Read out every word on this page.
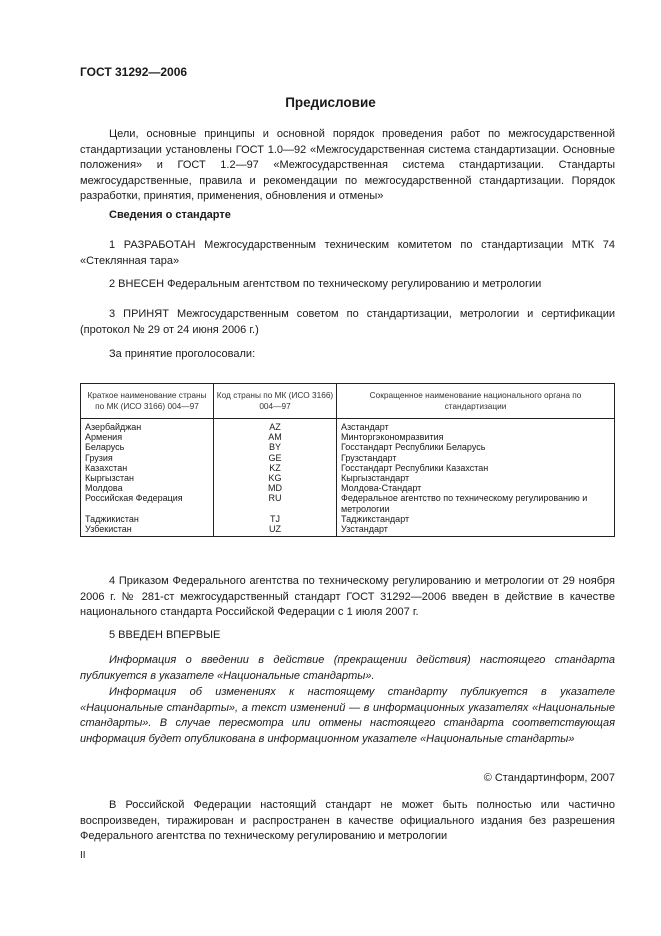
ГОСТ 31292—2006
Предисловие

Цели, основные принципы и основной порядок проведения работ по межгосударственной стандартизации установлены ГОСТ 1.0—92 «Межгосударственная система стандартизации. Основные положения» и ГОСТ 1.2—97 «Межгосударственная система стандартизации. Стандарты межгосударственные, правила и рекомендации по межгосударственной стандартизации. Порядок разработки, принятия, применения, обновления и отмены»

Сведения о стандарте

1 РАЗРАБОТАН Межгосударственным техническим комитетом по стандартизации МТК 74 «Стеклянная тара»

2 ВНЕСЕН Федеральным агентством по техническому регулированию и метрологии

3 ПРИНЯТ Межгосударственным советом по стандартизации, метрологии и сертификации (протокол № 29 от 24 июня 2006 г.)

За принятие проголосовали:

Краткое наименование страны по МК (ИСО 3166) 004—97	Код страны по МК (ИСО 3166) 004—97	Сокращенное наименование национального органа по стандартизации
Азербайджан	AZ	Азстандарт
Армения	AM	Минторгэкономразвития
Беларусь	BY	Госстандарт Республики Беларусь
Грузия	GE	Грузстандарт
Казахстан	KZ	Госстандарт Республики Казахстан
Кыргызстан	KG	Кыргызстандарт
Молдова	MD	Молдова-Стандарт
Российская Федерация	RU	Федеральное агентство по техническому регулированию и метрологии
Таджикистан	TJ	Таджикстандарт
Узбекистан	UZ	Узстандарт

4 Приказом Федерального агентства по техническому регулированию и метрологии от 29 ноября 2006 г. № 281-ст межгосударственный стандарт ГОСТ 31292—2006 введен в действие в качестве национального стандарта Российской Федерации с 1 июля 2007 г.

5 ВВЕДЕН ВПЕРВЫЕ

Информация о введении в действие (прекращении действия) настоящего стандарта публикуется в указателе «Национальные стандарты».

Информация об изменениях к настоящему стандарту публикуется в указателе «Национальные стандарты», а текст изменений — в информационных указателях «Национальные стандарты». В случае пересмотра или отмены настоящего стандарта соответствующая информация будет опубликована в информационном указателе «Национальные стандарты»

© Стандартинформ, 2007

В Российской Федерации настоящий стандарт не может быть полностью или частично воспроизведен, тиражирован и распространен в качестве официального издания без разрешения Федерального агентства по техническому регулированию и метрологии

II
